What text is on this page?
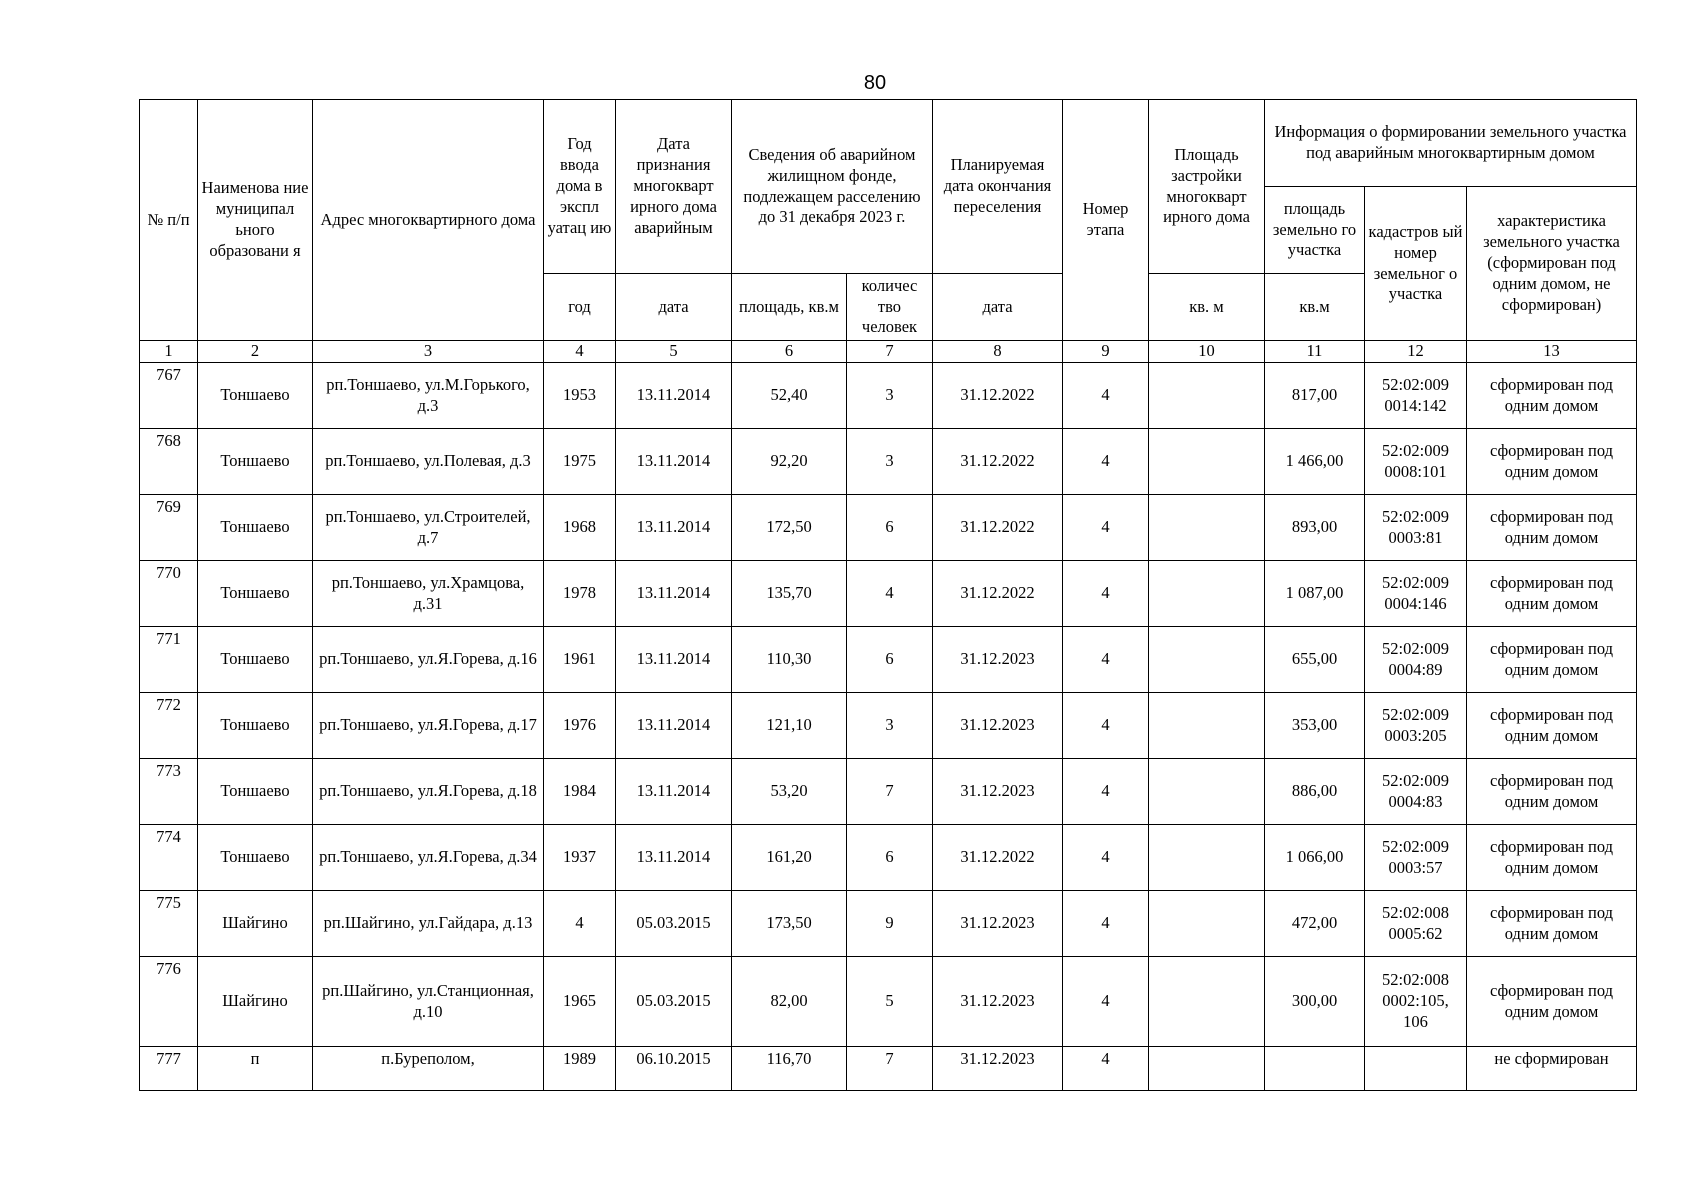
80
№ п/п	Наименова ние муниципал ьного образовани я	Адрес многоквартирного дома	Год ввода дома в экспл уатац ию	Дата признания многокварт ирного дома аварийным	Сведения об аварийном жилищном фонде, подлежащем расселению до 31 декабря 2023 г.		Планируемая дата окончания переселения	Номер этапа	Площадь застройки многокварт ирного дома	Информация о формировании земельного участка под аварийным многоквартирным домом		
										площадь земельно го участка	кадастров ый номер земельног о участка	характеристика земельного участка (сформирован под одним домом, не сформирован)
			год	дата	площадь, кв.м	количес тво человек	дата		кв. м	кв.м		
1	2	3	4	5	6	7	8	9	10	11	12	13
767	Тоншаево	рп.Тоншаево, ул.М.Горького, д.3	1953	13.11.2014	52,40	3	31.12.2022	4		817,00	52:02:009 0014:142	сформирован под одним домом
768	Тоншаево	рп.Тоншаево, ул.Полевая, д.3	1975	13.11.2014	92,20	3	31.12.2022	4		1 466,00	52:02:009 0008:101	сформирован под одним домом
769	Тоншаево	рп.Тоншаево, ул.Строителей, д.7	1968	13.11.2014	172,50	6	31.12.2022	4		893,00	52:02:009 0003:81	сформирован под одним домом
770	Тоншаево	рп.Тоншаево, ул.Храмцова, д.31	1978	13.11.2014	135,70	4	31.12.2022	4		1 087,00	52:02:009 0004:146	сформирован под одним домом
771	Тоншаево	рп.Тоншаево, ул.Я.Горева, д.16	1961	13.11.2014	110,30	6	31.12.2023	4		655,00	52:02:009 0004:89	сформирован под одним домом
772	Тоншаево	рп.Тоншаево, ул.Я.Горева, д.17	1976	13.11.2014	121,10	3	31.12.2023	4		353,00	52:02:009 0003:205	сформирован под одним домом
773	Тоншаево	рп.Тоншаево, ул.Я.Горева, д.18	1984	13.11.2014	53,20	7	31.12.2023	4		886,00	52:02:009 0004:83	сформирован под одним домом
774	Тоншаево	рп.Тоншаево, ул.Я.Горева, д.34	1937	13.11.2014	161,20	6	31.12.2022	4		1 066,00	52:02:009 0003:57	сформирован под одним домом
775	Шайгино	рп.Шайгино, ул.Гайдара, д.13	4	05.03.2015	173,50	9	31.12.2023	4		472,00	52:02:008 0005:62	сформирован под одним домом
776	Шайгино	рп.Шайгино, ул.Станционная, д.10	1965	05.03.2015	82,00	5	31.12.2023	4		300,00	52:02:008 0002:105, 106	сформирован под одним домом
777	п	п.Буреполом,	1989	06.10.2015	116,70	7	31.12.2023	4				не сформирован
